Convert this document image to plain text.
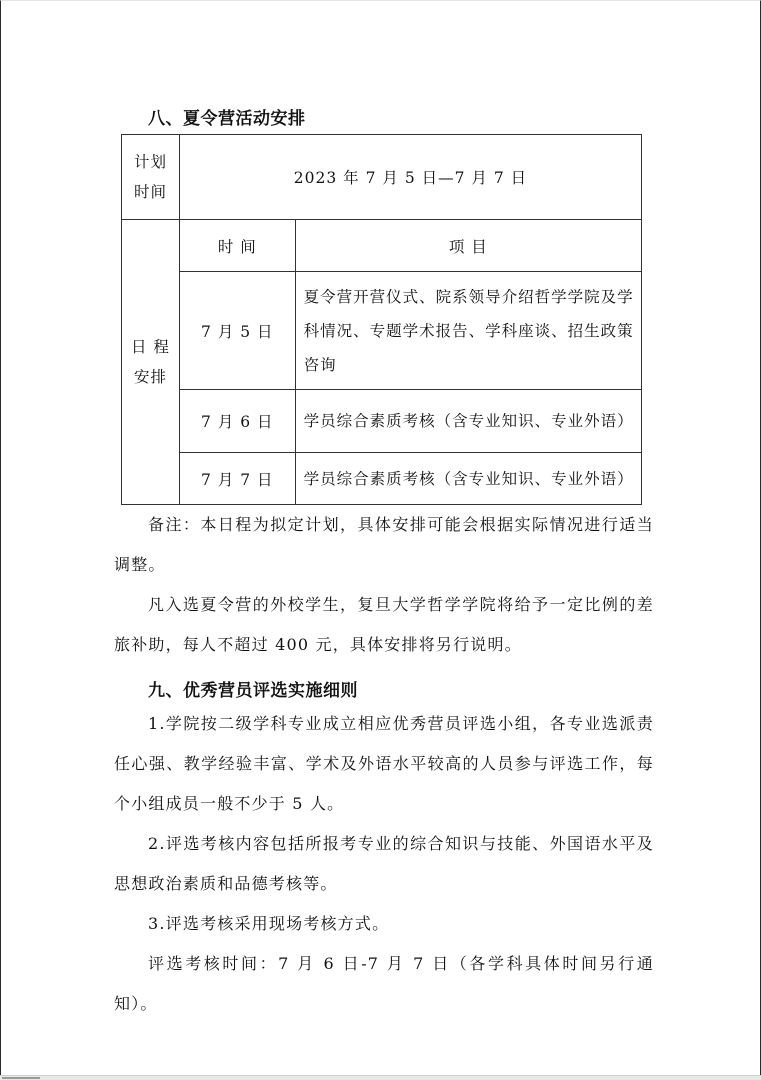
八、夏令营活动安排
计划
时间	2023 年 7 月 5 日—7 月 7 日	

日 程
安排	时 间	项 目
	7 月 5 日	夏令营开营仪式、院系领导介绍哲学学院及学科情况、专题学术报告、学科座谈、招生政策咨询
	7 月 6 日	学员综合素质考核（含专业知识、专业外语）
	7 月 7 日	学员综合素质考核（含专业知识、专业外语）

备注：本日程为拟定计划，具体安排可能会根据实际情况进行适当调整。

凡入选夏令营的外校学生，复旦大学哲学学院将给予一定比例的差旅补助，每人不超过 400 元，具体安排将另行说明。

九、优秀营员评选实施细则

1.学院按二级学科专业成立相应优秀营员评选小组，各专业选派责任心强、教学经验丰富、学术及外语水平较高的人员参与评选工作，每个小组成员一般不少于 5 人。

2.评选考核内容包括所报考专业的综合知识与技能、外国语水平及思想政治素质和品德考核等。

3.评选考核采用现场考核方式。

评选考核时间：7 月 6 日-7 月 7 日（各学科具体时间另行通知）。
